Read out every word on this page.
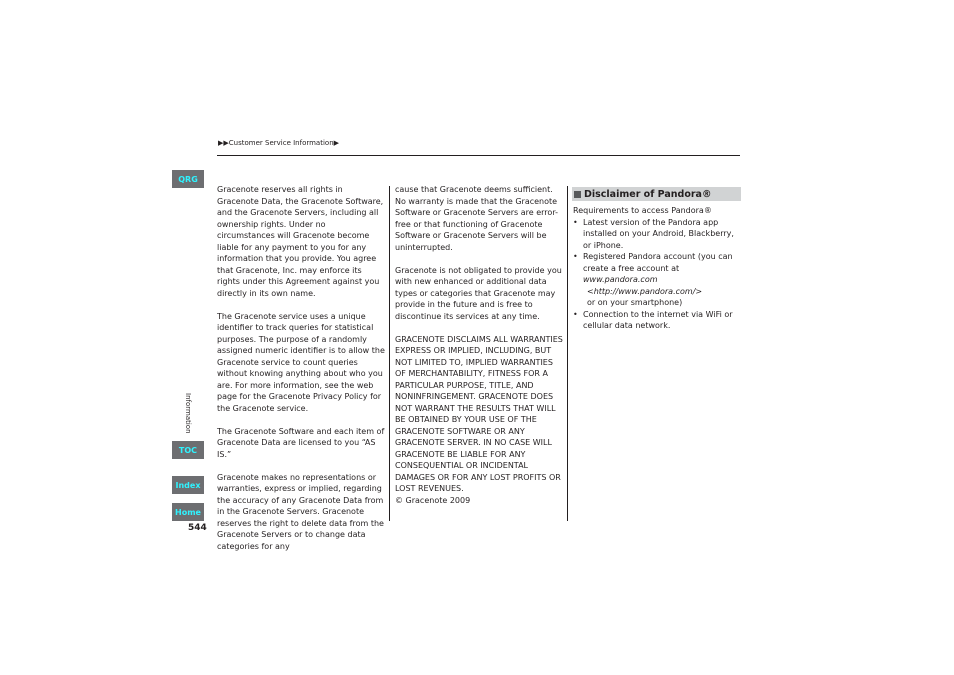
▶▶ Customer Service Information ▶
QRG
Information
TOC
Index
Home
544

Gracenote reserves all rights in Gracenote Data, the Gracenote Software, and the Gracenote Servers, including all ownership rights. Under no circumstances will Gracenote become liable for any payment to you for any information that you provide. You agree that Gracenote, Inc. may enforce its rights under this Agreement against you directly in its own name.

The Gracenote service uses a unique identifier to track queries for statistical purposes. The purpose of a randomly assigned numeric identifier is to allow the Gracenote service to count queries without knowing anything about who you are. For more information, see the web page for the Gracenote Privacy Policy for the Gracenote service.

The Gracenote Software and each item of Gracenote Data are licensed to you “AS IS.”

Gracenote makes no representations or warranties, express or implied, regarding the accuracy of any Gracenote Data from in the Gracenote Servers. Gracenote reserves the right to delete data from the Gracenote Servers or to change data categories for any

cause that Gracenote deems sufficient. No warranty is made that the Gracenote Software or Gracenote Servers are error-free or that functioning of Gracenote Software or Gracenote Servers will be uninterrupted.

Gracenote is not obligated to provide you with new enhanced or additional data types or categories that Gracenote may provide in the future and is free to discontinue its services at any time.

GRACENOTE DISCLAIMS ALL WARRANTIES EXPRESS OR IMPLIED, INCLUDING, BUT NOT LIMITED TO, IMPLIED WARRANTIES OF MERCHANTABILITY, FITNESS FOR A PARTICULAR PURPOSE, TITLE, AND NONINFRINGEMENT. GRACENOTE DOES NOT WARRANT THE RESULTS THAT WILL BE OBTAINED BY YOUR USE OF THE GRACENOTE SOFTWARE OR ANY GRACENOTE SERVER. IN NO CASE WILL GRACENOTE BE LIABLE FOR ANY CONSEQUENTIAL OR INCIDENTAL DAMAGES OR FOR ANY LOST PROFITS OR LOST REVENUES.

© Gracenote 2009

Disclaimer of Pandora®
Requirements to access Pandora®
• Latest version of the Pandora app installed on your Android, Blackberry, or iPhone.
• Registered Pandora account (you can create a free account at
www.pandora.com
<http://www.pandora.com/>
or on your smartphone)
• Connection to the internet via WiFi or cellular data network.
